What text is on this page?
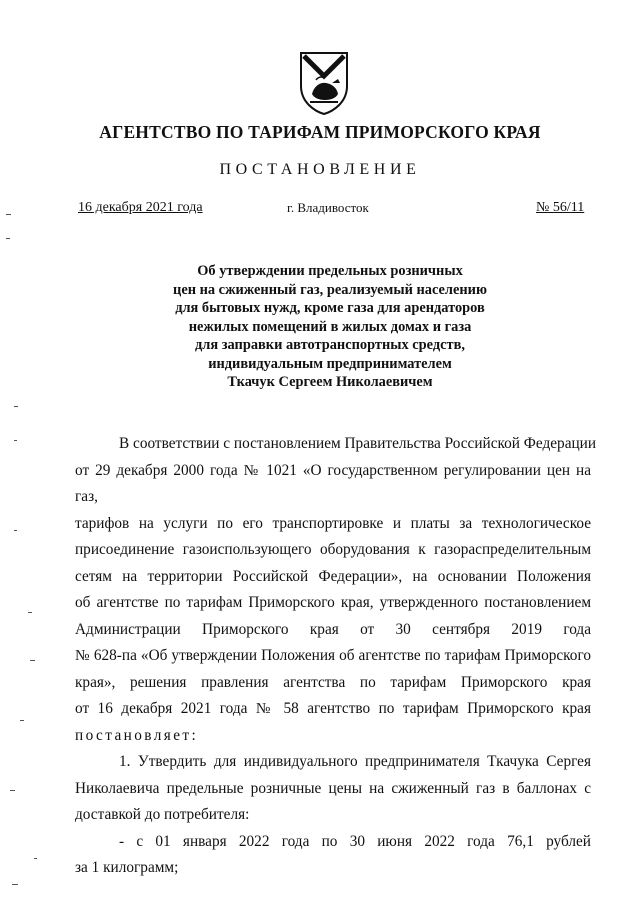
АГЕНТСТВО ПО ТАРИФАМ ПРИМОРСКОГО КРАЯ
ПОСТАНОВЛЕНИЕ
16 декабря 2021 года	г. Владивосток	№ 56/11
Об утверждении предельных розничных
цен на сжиженный газ, реализуемый населению
для бытовых нужд, кроме газа для арендаторов
нежилых помещений в жилых домах и газа
для заправки автотранспортных средств,
индивидуальным предпринимателем
Ткачук Сергеем Николаевичем
В соответствии с постановлением Правительства Российской Федерации
от 29 декабря 2000 года № 1021 «О государственном регулировании цен на газ,
тарифов на услуги по его транспортировке и платы за технологическое
присоединение газоиспользующего оборудования к газораспределительным
сетям на территории Российской Федерации», на основании Положения
об агентстве по тарифам Приморского края, утвержденного постановлением
Администрации Приморского края от 30 сентября 2019 года
№ 628-па «Об утверждении Положения об агентстве по тарифам Приморского
края», решения правления агентства по тарифам Приморского края
от 16 декабря 2021 года № 58 агентство по тарифам Приморского края
постановляет:
1. Утвердить для индивидуального предпринимателя Ткачука Сергея
Николаевича предельные розничные цены на сжиженный газ в баллонах с
доставкой до потребителя:
- с 01 января 2022 года по 30 июня 2022 года 76,1 рублей
за 1 килограмм;
